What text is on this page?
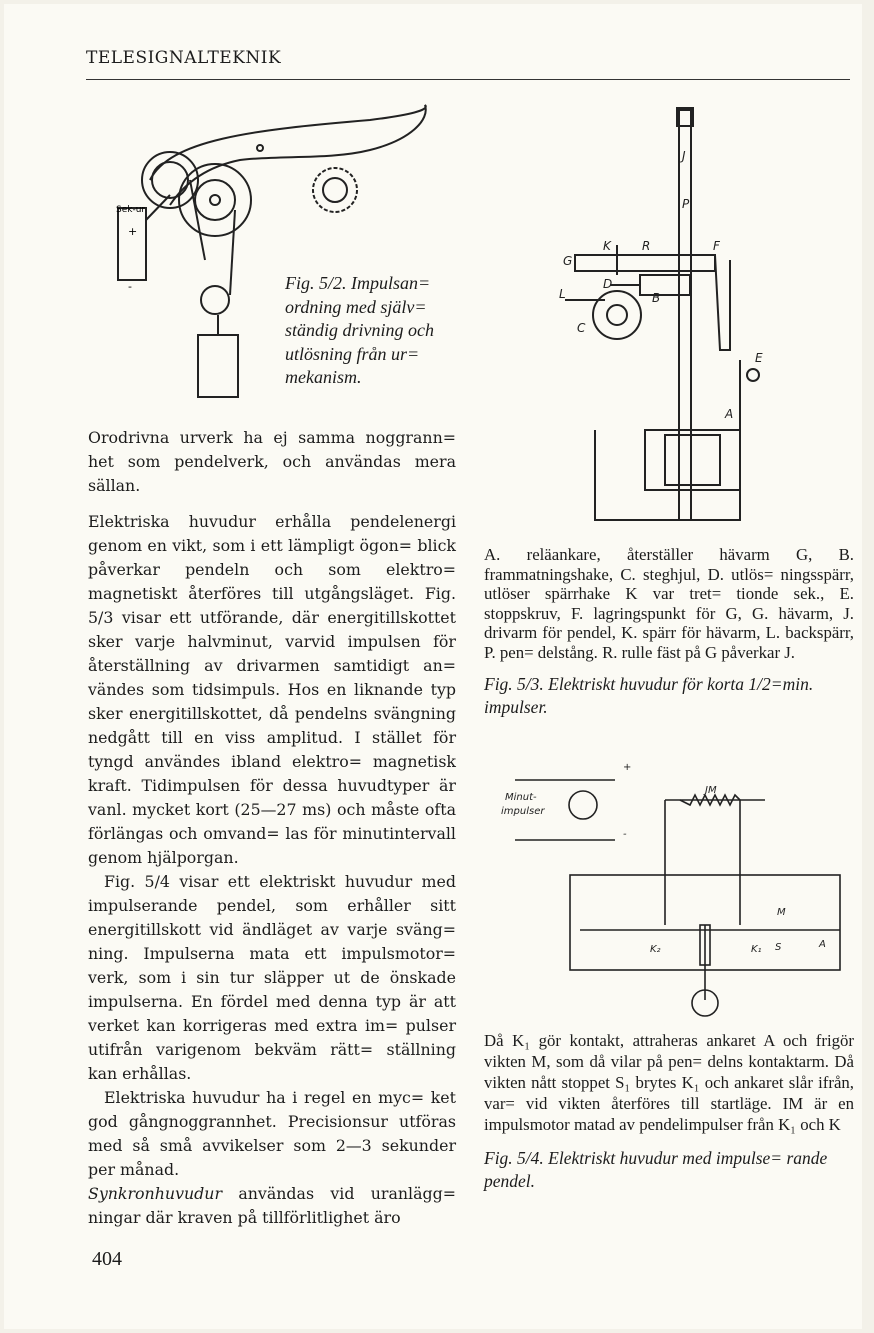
TELESIGNALTEKNIK
Sek-ur
+
-	Fig. 5/2. Impulsan=
ordning med själv=
ständig drivning och
utlösning från ur=
mekanism.

Orodrivna urverk ha ej samma noggrann= het som pendelverk, och användas mera sällan.

Elektriska huvudur erhålla pendelenergi genom en vikt, som i ett lämpligt ögon= blick påverkar pendeln och som elektro= magnetiskt återföres till utgångsläget. Fig. 5/3 visar ett utförande, där energitillskottet sker varje halvminut, varvid impulsen för återställning av drivarmen samtidigt an= vändes som tidsimpuls. Hos en liknande typ sker energitillskottet, då pendelns svängning nedgått till en viss amplitud. I stället för tyngd användes ibland elektro= magnetisk kraft. Tidimpulsen för dessa huvudtyper är vanl. mycket kort (25—27 ms) och måste ofta förlängas och omvand= las för minutintervall genom hjälporgan.

Fig. 5/4 visar ett elektriskt huvudur med impulserande pendel, som erhåller sitt energitillskott vid ändläget av varje sväng= ning. Impulserna mata ett impulsmotor= verk, som i sin tur släpper ut de önskade impulserna. En fördel med denna typ är att verket kan korrigeras med extra im= pulser utifrån varigenom bekväm rätt= ställning kan erhållas.

Elektriska huvudur ha i regel en myc= ket god gångnoggrannhet. Precisionsur utföras med så små avvikelser som 2—3 sekunder per månad.

Synkronhuvudur användas vid uranlägg= ningar där kraven på tillförlitlighet äro

G
K	R	F
P
D
L	B
C
E
A
J

A. reläankare, återställer hävarm G, B. frammatningshake, C. steghjul, D. utlös= ningsspärr, utlöser spärrhake K var tret= tionde sek., E. stoppskruv, F. lagringspunkt för G, G. hävarm, J. drivarm för pendel, K. spärr för hävarm, L. backspärr, P. pen= delstång. R. rulle fäst på G påverkar J.

Fig. 5/3. Elektriskt huvudur för korta 1/2=min. impulser.

Minut-
impulser
JM
M
S
K₁
K₂	A
+
-

Då K₁ gör kontakt, attraheras ankaret A och frigör vikten M, som då vilar på pen= delns kontaktarm. Då vikten nått stoppet S₁ brytes K₁ och ankaret slår ifrån, var= vid vikten återföres till startläge. IM är en impulsmotor matad av pendelimpulser från K₁ och K

Fig. 5/4. Elektriskt huvudur med impulse= rande pendel.

404
